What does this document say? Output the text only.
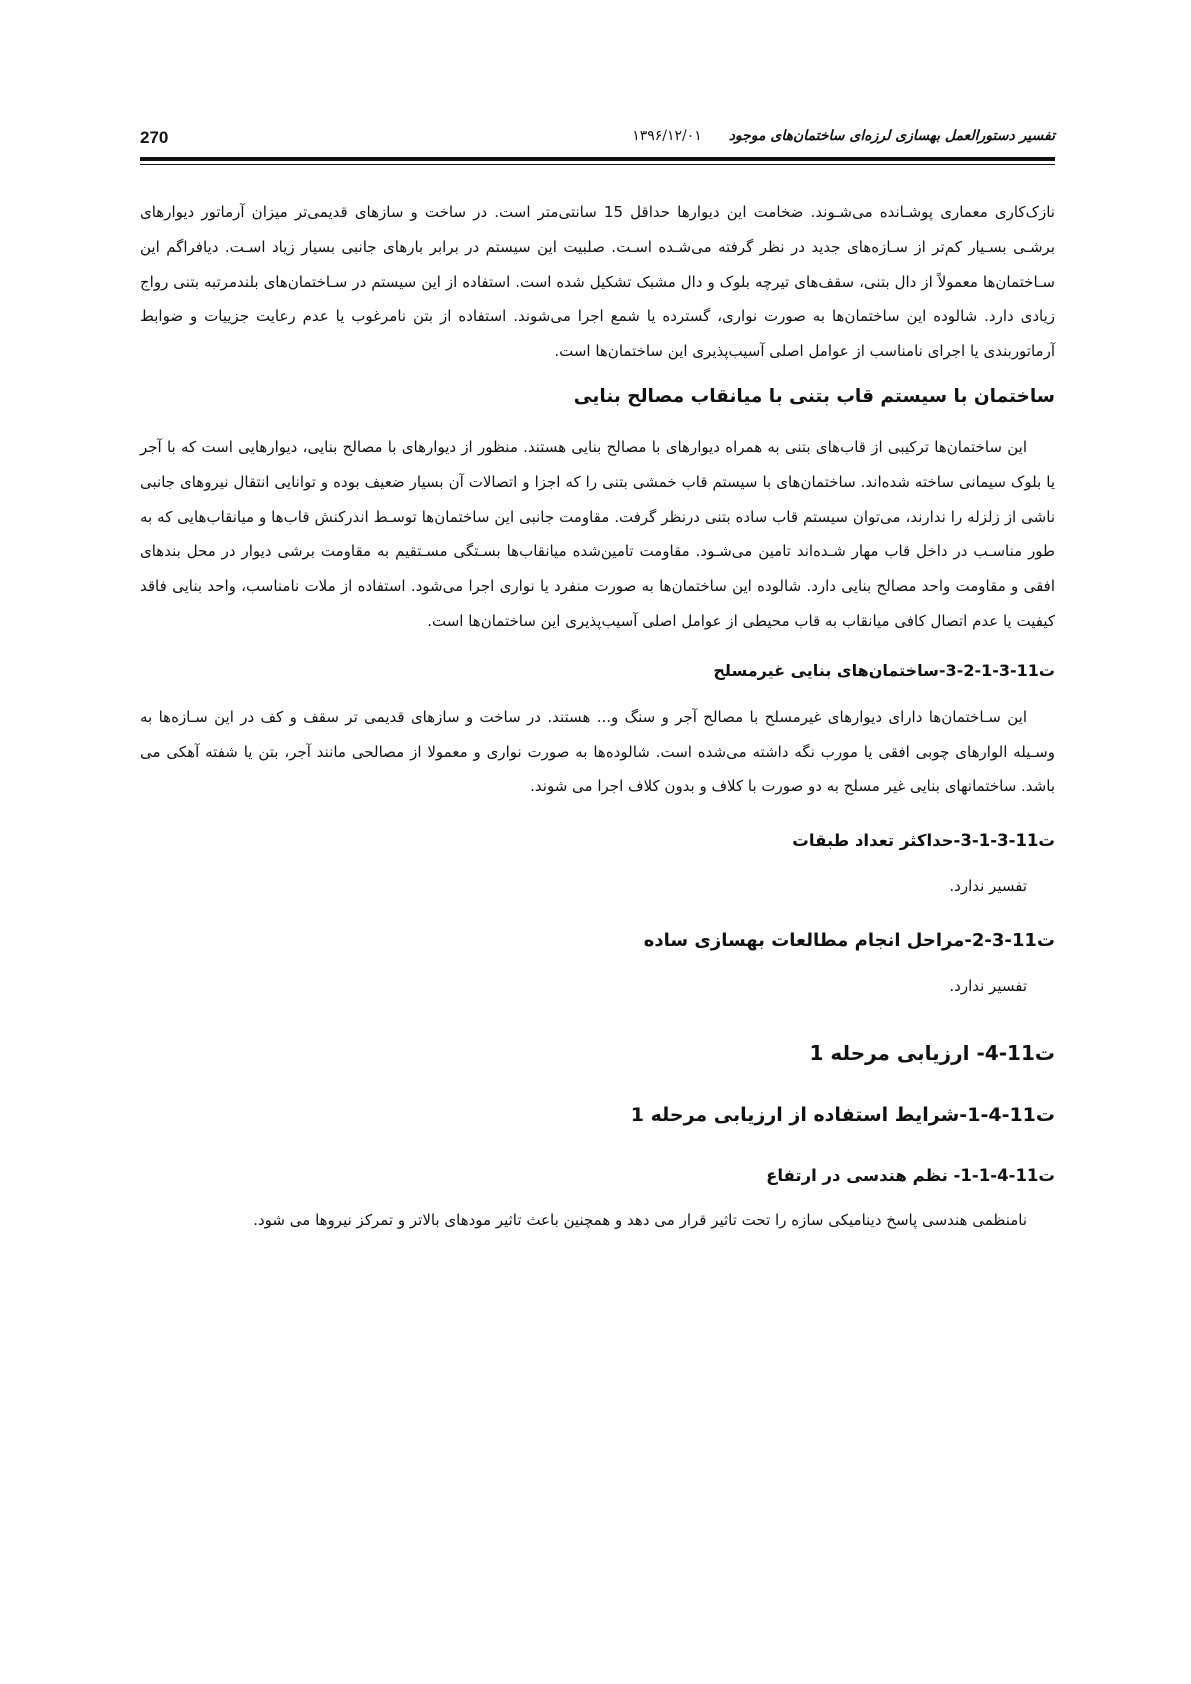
270	تفسیر دستورالعمل بهسازی لرزه‌ای ساختمان‌های موجود ۱۳۹۶/۱۲/۰۱

نازک‌کاری معماری پوشـانده می‌شـوند. ضخامت این دیوارها حداقل 15 سانتی‌متر است. در ساخت و سازهای قدیمی‌تر میزان آرماتور دیوارهای برشـی بسـیار کم‌تر از سـازه‌های جدید در نظر گرفته می‌شـده اسـت. صلبیت این سیستم در برابر بارهای جانبی بسیار زیاد اسـت. دیافراگم این سـاختمان‌ها معمولاً از دال بتنی، سقف‌های تیرچه بلوک و دال مشبک تشکیل شده است. استفاده از این سیستم در سـاختمان‌های بلندمرتبه بتنی رواج زیادی دارد. شالوده این ساختمان‌ها به صورت نواری، گسترده یا شمع اجرا می‌شوند. استفاده از بتن نامرغوب یا عدم رعایت جزییات و ضوابط آرماتوربندی یا اجرای نامناسب از عوامل اصلی آسیب‌پذیری این ساختمان‌ها است.

ساختمان با سیستم قاب بتنی با میانقاب مصالح بنایی

این ساختمان‌ها ترکیبی از قاب‌های بتنی به همراه دیوارهای با مصالح بنایی هستند. منظور از دیوارهای با مصالح بنایی، دیوارهایی است که با آجر یا بلوک سیمانی ساخته شده‌اند. ساختمان‌های با سیستم قاب خمشی بتنی را که اجزا و اتصالات آن بسیار ضعیف بوده و توانایی انتقال نیروهای جانبی ناشی از زلزله را ندارند، می‌توان سیستم قاب ساده بتنی درنظر گرفت. مقاومت جانبی این ساختمان‌ها توسـط اندرکنش قاب‌ها و میانقاب‌هایی که به طور مناسـب در داخل قاب مهار شـده‌اند تامین می‌شـود. مقاومت تامین‌شده میانقاب‌ها بسـتگی مسـتقیم به مقاومت برشی دیوار در محل بندهای افقی و مقاومت واحد مصالح بنایی دارد. شالوده این ساختمان‌ها به صورت منفرد یا نواری اجرا می‌شود. استفاده از ملات نامناسب، واحد بنایی فاقد کیفیت یا عدم اتصال کافی میانقاب به قاب محیطی از عوامل اصلی آسیب‌پذیری این ساختمان‌ها است.

ت11-3-1-2-3-ساختمان‌های بنایی غیرمسلح

این سـاختمان‌ها دارای دیوارهای غیرمسلح با مصالح آجر و سنگ و... هستند. در ساخت و سازهای قدیمی تر سقف و کف در این سـازه‌ها به وسـیله الوارهای چوبی افقی یا مورب نگه داشته می‌شده است. شالوده‌ها به صورت نواری و معمولا از مصالحی مانند آجر، بتن یا شفته آهکی می باشد. ساختمانهای بنایی غیر مسلح به دو صورت با کلاف و بدون کلاف اجرا می شوند.

ت11-3-1-3-حداکثر تعداد طبقات

تفسیر ندارد.

ت11-3-2-مراحل انجام مطالعات بهسازی ساده

تفسیر ندارد.

ت11-4- ارزیابی مرحله 1
ت11-4-1-شرایط استفاده از ارزیابی مرحله 1
ت11-4-1-1- نظم هندسی در ارتفاع

نامنظمی هندسی پاسخ دینامیکی سازه را تحت تاثیر قرار می دهد و همچنین باعث تاثیر مودهای بالاتر و تمرکز نیروها می شود.
